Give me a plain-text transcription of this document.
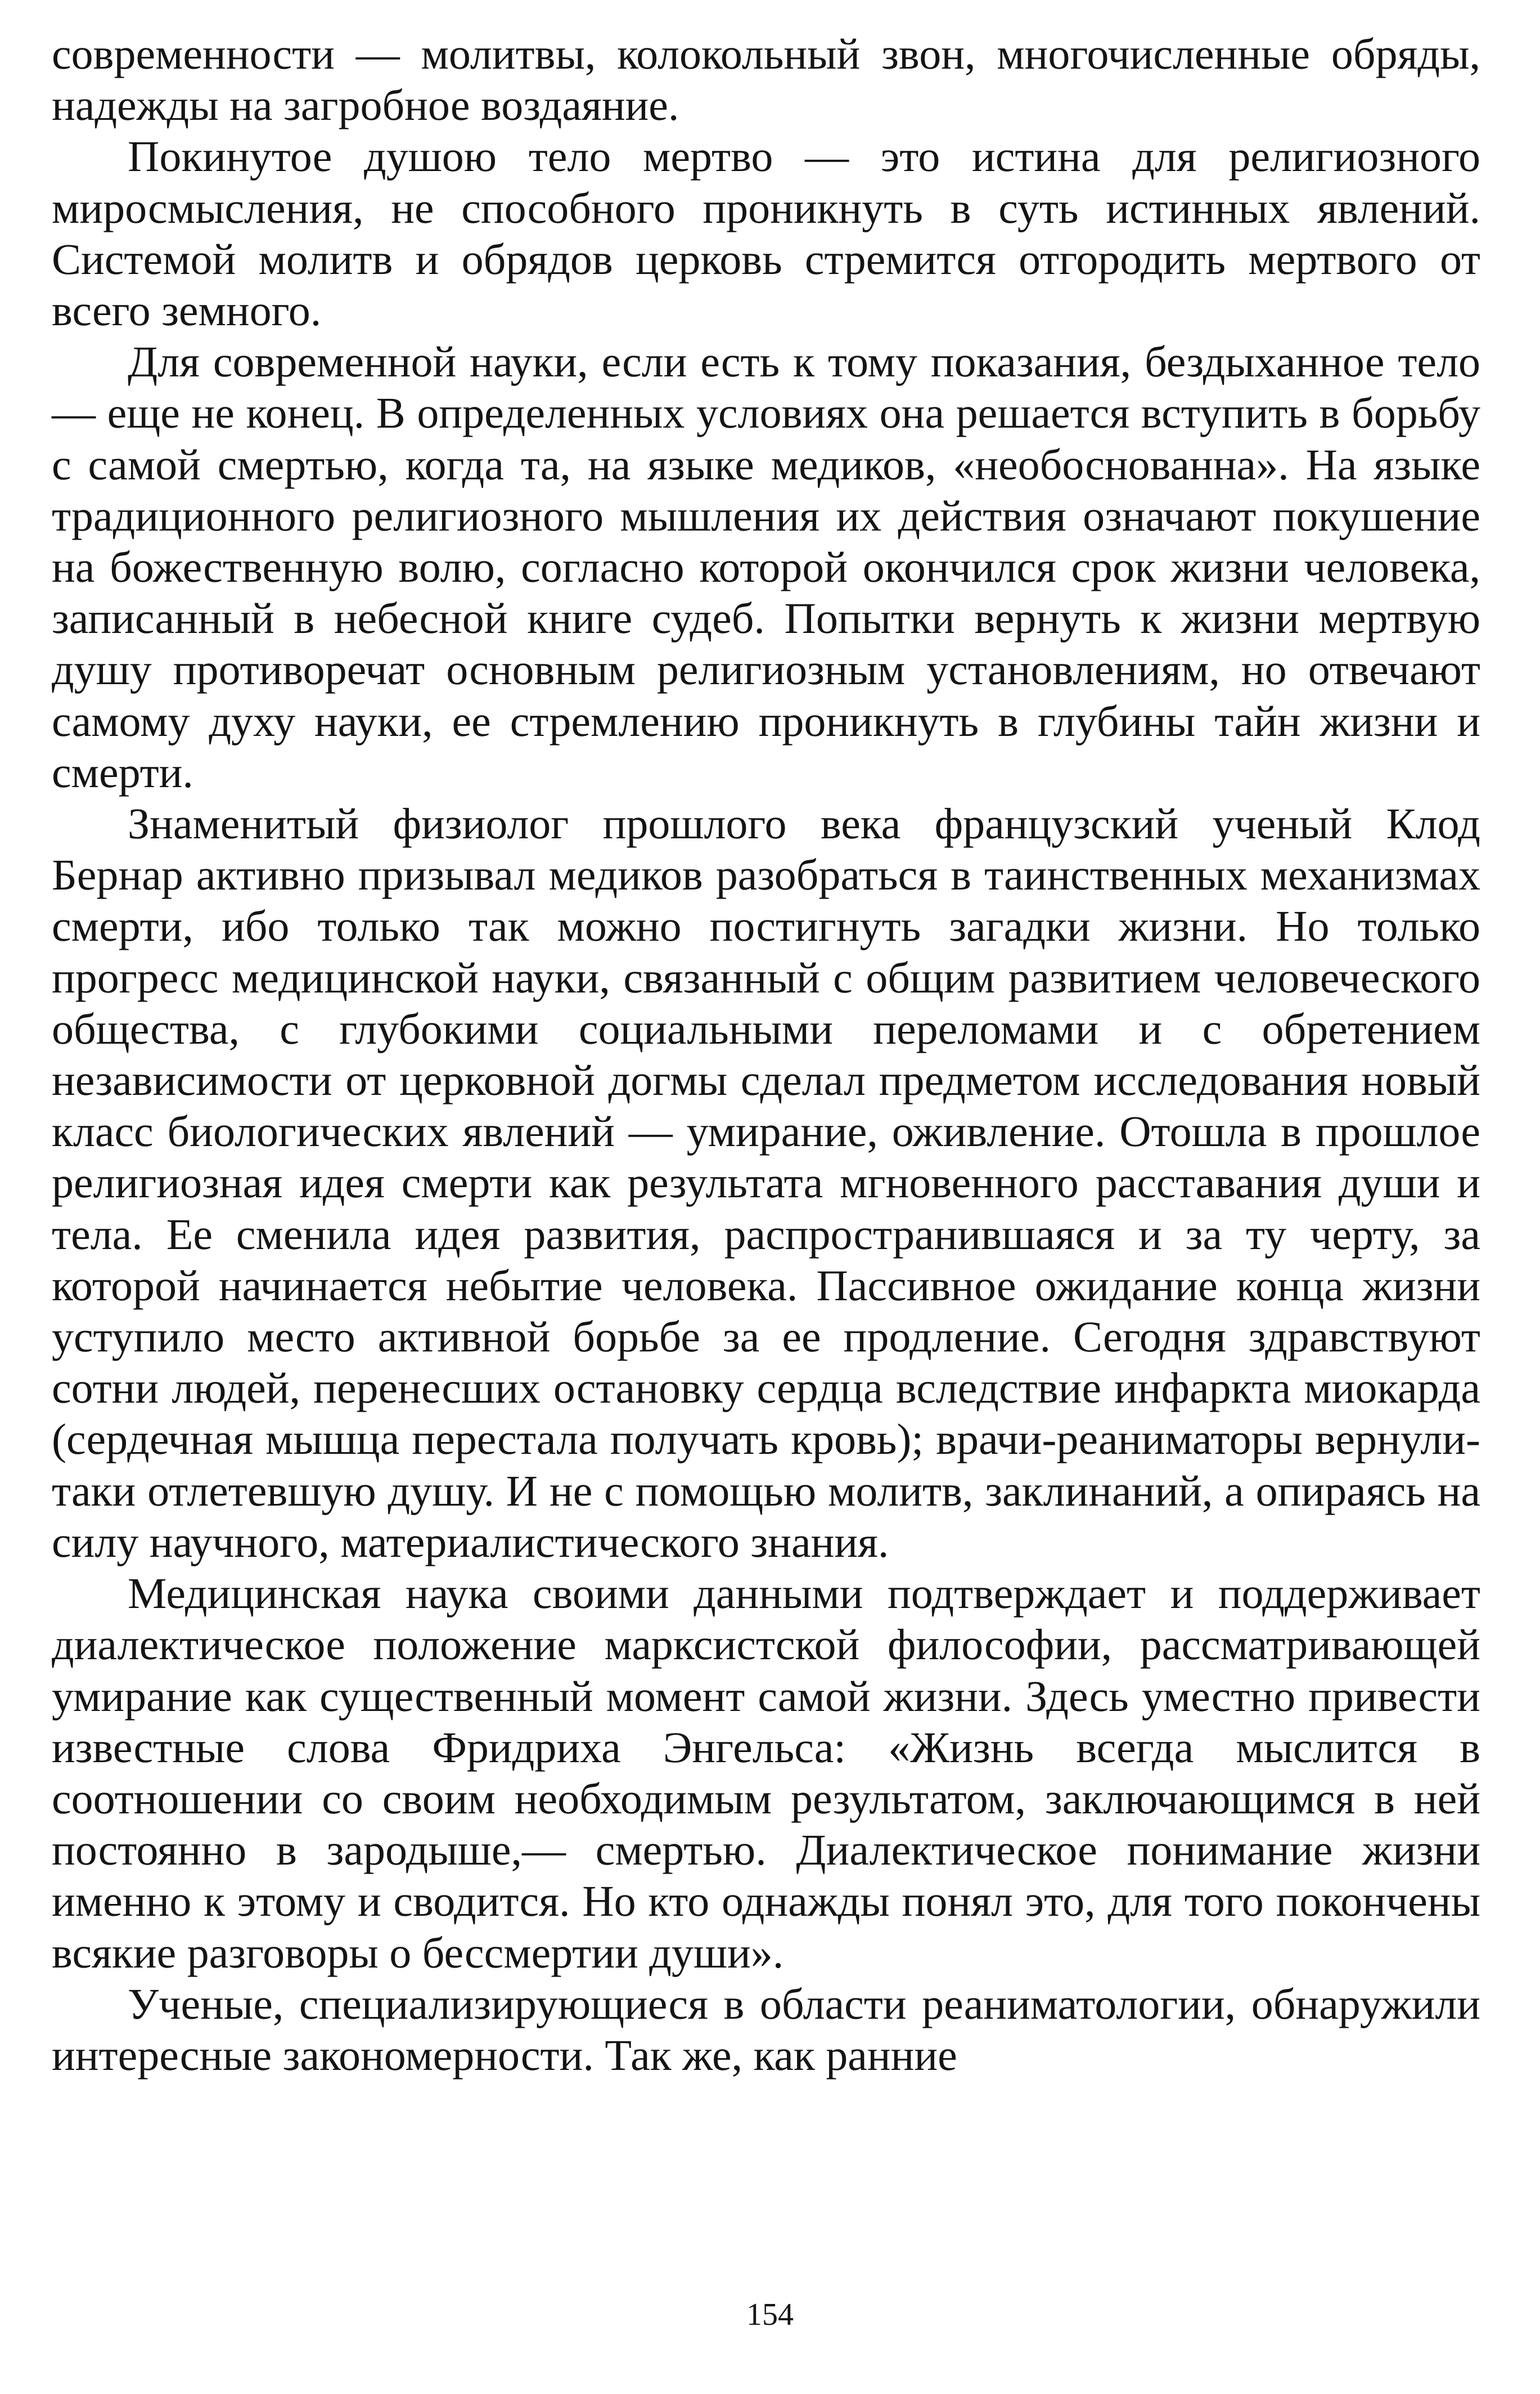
современности — молитвы, колокольный звон, многочисленные обряды, надежды на загробное воздаяние.

Покинутое душою тело мертво — это истина для религиозного миросмысления, не способного проникнуть в суть истинных явлений. Системой молитв и обрядов церковь стремится отгородить мертвого от всего земного.

Для современной науки, если есть к тому показания, бездыханное тело — еще не конец. В определенных условиях она решается вступить в борьбу с самой смертью, когда та, на языке медиков, «необоснованна». На языке традиционного религиозного мышления их действия означают покушение на божественную волю, согласно которой окончился срок жизни человека, записанный в небесной книге судеб. Попытки вернуть к жизни мертвую душу противоречат основным религиозным установлениям, но отвечают самому духу науки, ее стремлению проникнуть в глубины тайн жизни и смерти.

Знаменитый физиолог прошлого века французский ученый Клод Бернар активно призывал медиков разобраться в таинственных механизмах смерти, ибо только так можно постигнуть загадки жизни. Но только прогресс медицинской науки, связанный с общим развитием человеческого общества, с глубокими социальными переломами и с обретением независимости от церковной догмы сделал предметом исследования новый класс биологических явлений — умирание, оживление. Отошла в прошлое религиозная идея смерти как результата мгновенного расставания души и тела. Ее сменила идея развития, распространившаяся и за ту черту, за которой начинается небытие человека. Пассивное ожидание конца жизни уступило место активной борьбе за ее продление. Сегодня здравствуют сотни людей, перенесших остановку сердца вследствие инфаркта миокарда (сердечная мышца перестала получать кровь); врачи-реаниматоры вернули-таки отлетевшую душу. И не с помощью молитв, заклинаний, а опираясь на силу научного, материалистического знания.

Медицинская наука своими данными подтверждает и поддерживает диалектическое положение марксистской философии, рассматривающей умирание как существенный момент самой жизни. Здесь уместно привести известные слова Фридриха Энгельса: «Жизнь всегда мыслится в соотношении со своим необходимым результатом, заключающимся в ней постоянно в зародыше,— смертью. Диалектическое понимание жизни именно к этому и сводится. Но кто однажды понял это, для того покончены всякие разговоры о бессмертии души».

Ученые, специализирующиеся в области реаниматологии, обнаружили интересные закономерности. Так же, как ранние

154
